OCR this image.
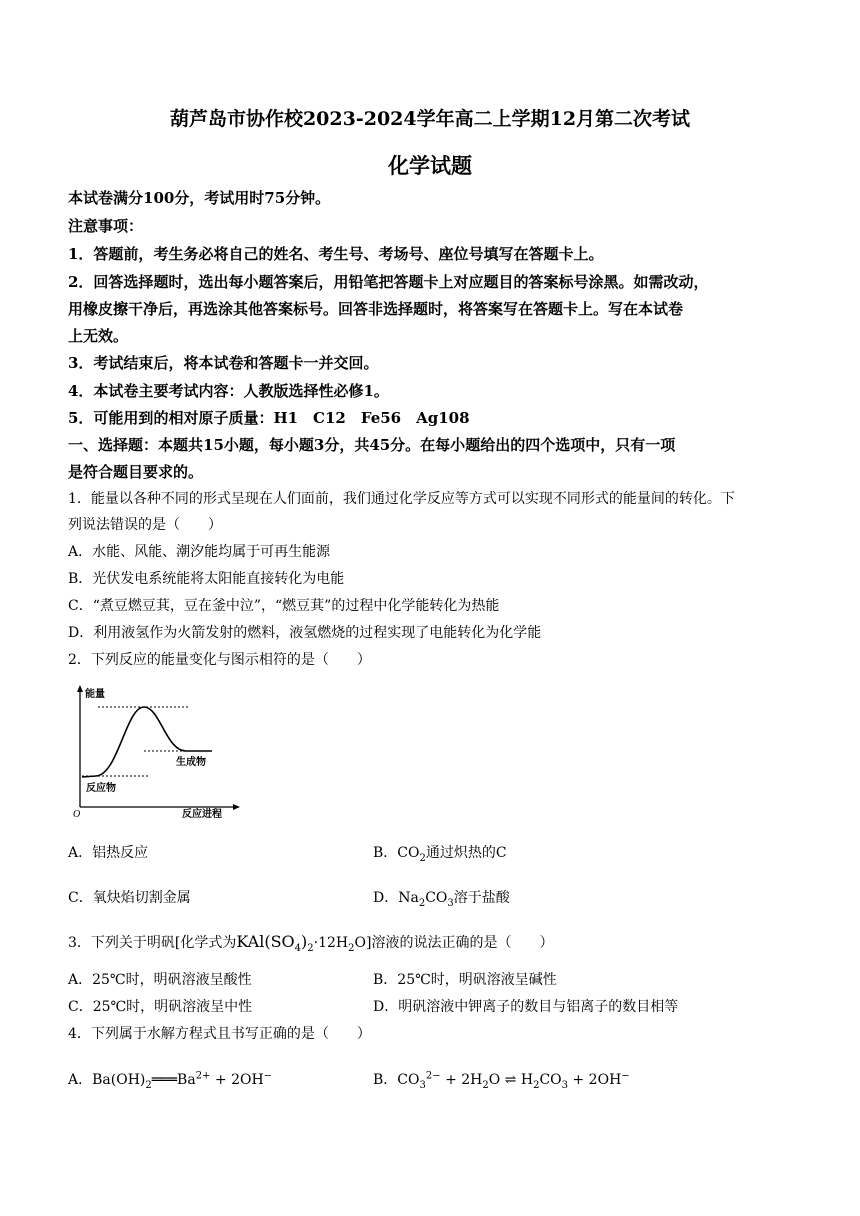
葫芦岛市协作校2023-2024学年高二上学期12月第二次考试
化学试题
本试卷满分100分，考试用时75分钟。
注意事项：
1．答题前，考生务必将自己的姓名、考生号、考场号、座位号填写在答题卡上。
2．回答选择题时，选出每小题答案后，用铅笔把答题卡上对应题目的答案标号涂黑。如需改动，
用橡皮擦干净后，再选涂其他答案标号。回答非选择题时，将答案写在答题卡上。写在本试卷
上无效。
3．考试结束后，将本试卷和答题卡一并交回。
4．本试卷主要考试内容：人教版选择性必修1。
5．可能用到的相对原子质量：H1　C12　Fe56　Ag108
一、选择题：本题共15小题，每小题3分，共45分。在每小题给出的四个选项中，只有一项
是符合题目要求的。
1．能量以各种不同的形式呈现在人们面前，我们通过化学反应等方式可以实现不同形式的能量间的转化。下
列说法错误的是（　　）
A．水能、风能、潮汐能均属于可再生能源
B．光伏发电系统能将太阳能直接转化为电能
C．“煮豆燃豆萁，豆在釜中泣”，“燃豆萁”的过程中化学能转化为热能
D．利用液氢作为火箭发射的燃料，液氢燃烧的过程实现了电能转化为化学能
2．下列反应的能量变化与图示相符的是（　　）
能量
反应进程
O
生成物
反应物
A．铝热反应	B．$CO_2$通过炽热的C
C．氧炔焰切割金属	D．$Na_2CO_3$溶于盐酸
3．下列关于明矾[化学式为$KAl(SO_4)_2\cdot 12H_2O$]溶液的说法正确的是（　　）
A．25℃时，明矾溶液呈酸性	B．25℃时，明矾溶液呈碱性
C．25℃时，明矾溶液呈中性	D．明矾溶液中钾离子的数目与铝离子的数目相等
4．下列属于水解方程式且书写正确的是（　　）
A．$Ba(OH)_2═══Ba^{2+} + 2OH^-$	B．$CO_3^{2-} + 2H_2O$ ⇌ $H_2CO_3 + 2OH^-$
